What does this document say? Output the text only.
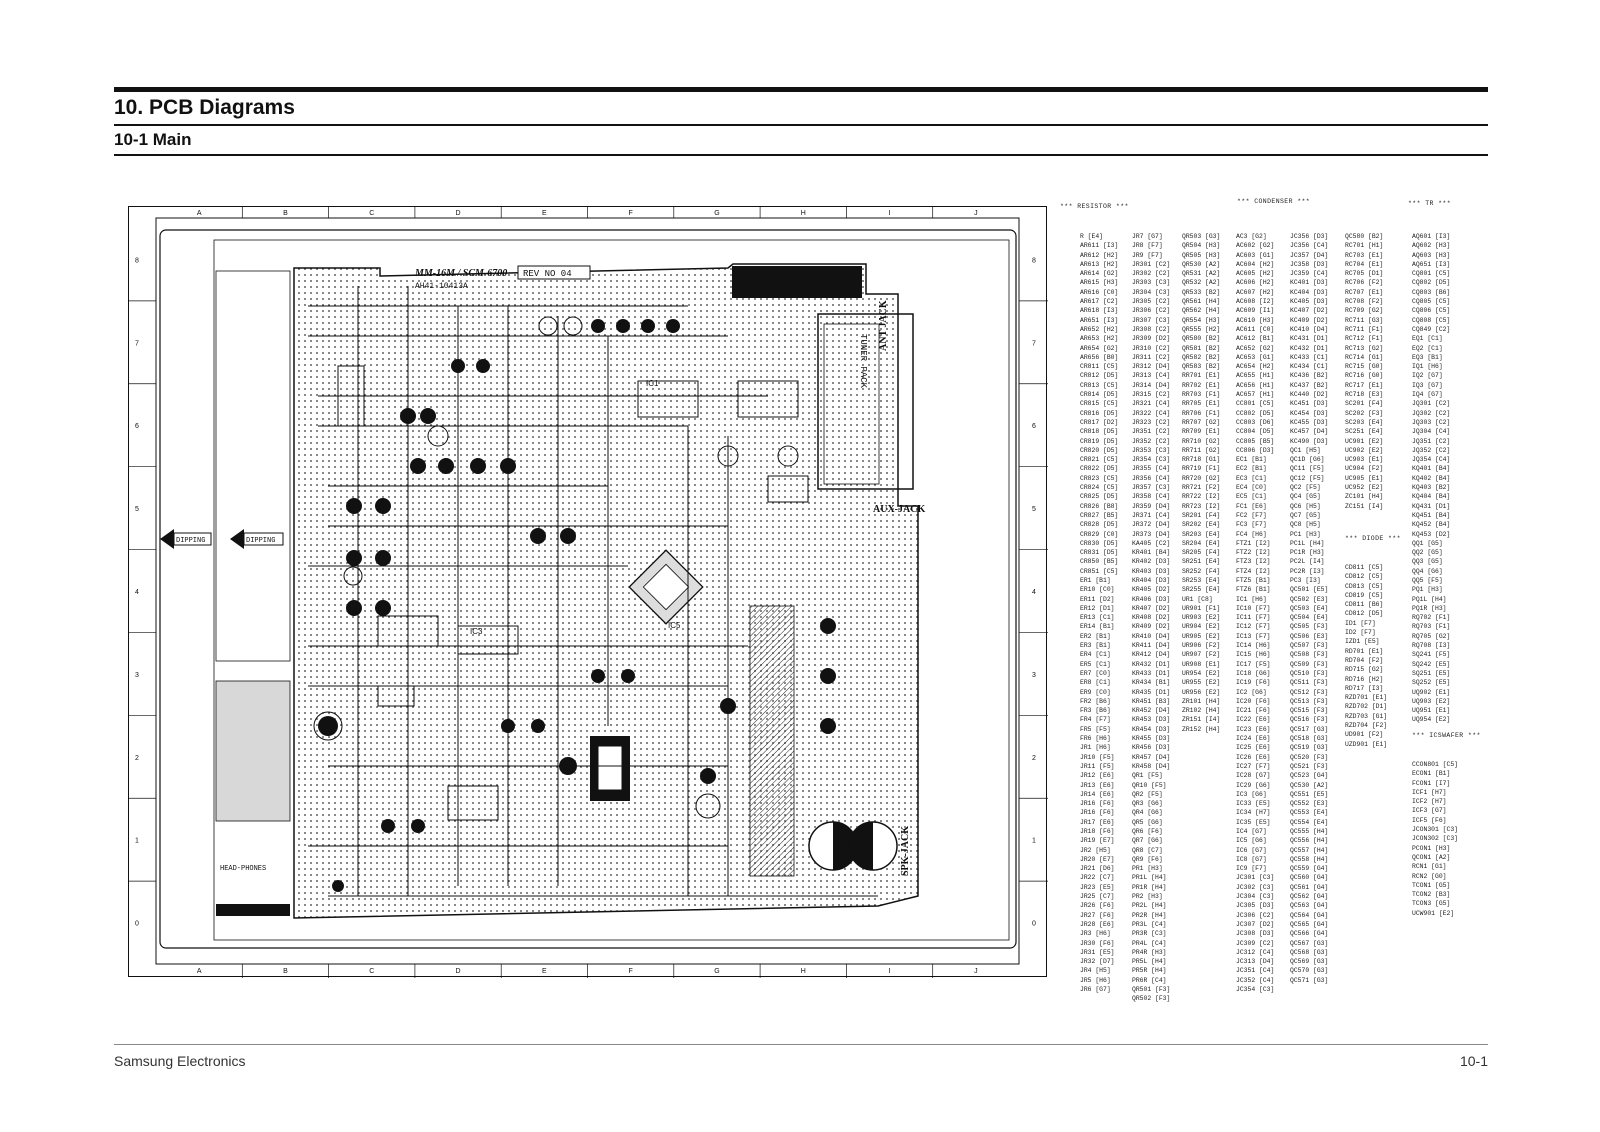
10. PCB Diagrams
10-1 Main
A	B	C	D	E	F	G	H	I	J
A	B	C	D	E	F	G	H	I	J
8
7
6
5
4
3
2
1
0
8
7
6
5
4
3
2
1
0
REV NO 04
MM-16M / SCM-6700
AH41-10413A
TUNER PACK
ANT JACK
AUX-JACK
SPK-JACK
HEAD-PHONES
IC1
IC5
IC3
DIPPING	DIPPING
*** RESISTOR ***
*** CONDENSER ***	*** TR ***
*** DIODE ***
*** ICSWAFER ***
R [E4]
AR611 [I3]
AR612 [H2]
AR613 [H2]
AR614 [G2]
AR615 [H3]
AR616 [C0]
AR617 [C2]
AR618 [I3]
AR651 [I3]
AR652 [H2]
AR653 [H2]
AR654 [G2]
AR656 [B0]
CR811 [C5]
CR812 [D5]
CR813 [C5]
CR814 [D5]
CR815 [C5]
CR816 [D5]
CR817 [D2]
CR818 [D5]
CR819 [D5]
CR820 [D5]
CR821 [C5]
CR822 [D5]
CR823 [C5]
CR824 [C5]
CR825 [D5]
CR826 [B8]
CR827 [B5]
CR828 [D5]
CR829 [C0]
CR830 [D5]
CR831 [D5]
CR850 [B5]
CR851 [C5]
ER1 [B1]
ER10 [C0]
ER11 [D2]
ER12 [D1]
ER13 [C1]
ER14 [B1]
ER2 [B1]
ER3 [B1]
ER4 [C1]
ER5 [C1]
ER7 [C0]
ER8 [C1]
ER9 [C0]
FR2 [B6]
FR3 [B6]
FR4 [F7]
FR5 [F5]
FR6 [H6]
JR1 [H6]
JR10 [F5]
JR11 [F5]
JR12 [E6]
JR13 [E6]
JR14 [E6]
JR16 [F6]
JR16 [F6]
JR17 [E6]
JR18 [F6]
JR19 [E7]
JR2 [H5]
JR20 [E7]
JR21 [D6]
JR22 [C7]
JR23 [E5]
JR25 [C7]
JR26 [F6]
JR27 [F6]
JR28 [E6]
JR3 [H6]
JR30 [F6]
JR31 [E5]
JR32 [D7]
JR4 [H5]
JR5 [H6]
JR6 [G7]
JR7 [G7]
JR8 [F7]
JR9 [F7]
JR301 [C2]
JR302 [C2]
JR303 [C3]
JR304 [C3]
JR305 [C2]
JR306 [C2]
JR307 [C3]
JR308 [C2]
JR309 [D2]
JR310 [C2]
JR311 [C2]
JR312 [D4]
JR313 [C4]
JR314 [D4]
JR315 [C2]
JR321 [C4]
JR322 [C4]
JR323 [C2]
JR351 [C2]
JR352 [C2]
JR353 [C3]
JR354 [C3]
JR355 [C4]
JR356 [C4]
JR357 [C3]
JR358 [C4]
JR359 [D4]
JR371 [C4]
JR372 [D4]
JR373 [D4]
KA405 [C2]
KR401 [B4]
KR402 [D3]
KR403 [D3]
KR404 [D3]
KR405 [D2]
KR406 [D3]
KR407 [D2]
KR408 [D2]
KR409 [D2]
KR410 [D4]
KR411 [D4]
KR412 [D4]
KR432 [D1]
KR433 [D1]
KR434 [B1]
KR435 [D1]
KR451 [B3]
KR452 [D4]
KR453 [D3]
KR454 [D3]
KR455 [D3]
KR456 [D3]
KR457 [D4]
KR458 [D4]
QR1 [F5]
QR10 [F5]
QR2 [F5]
QR3 [G6]
QR4 [G6]
QR5 [G6]
QR6 [F6]
QR7 [G6]
QR8 [C7]
QR9 [F6]
PR1 [H3]
PR1L [H4]
PR1R [H4]
PR2 [H3]
PR2L [H4]
PR2R [H4]
PR3L [C4]
PR3R [C3]
PR4L [C4]
PR4R [H3]
PR5L [H4]
PR5R [H4]
PR6R [C4]
QR501 [F3]
QR502 [F3]
QR503 [G3]
QR504 [H3]
QR505 [H3]
QR530 [A2]
QR531 [A2]
QR532 [A2]
QR533 [B2]
QR561 [H4]
QR562 [H4]
QR554 [H3]
QR555 [H2]
QR580 [B2]
QR581 [B2]
QR582 [B2]
QR583 [B2]
RR701 [E1]
RR702 [E1]
RR703 [F1]
RR705 [E1]
RR706 [F1]
RR707 [G2]
RR709 [E1]
RR710 [G2]
RR711 [G2]
RR718 [G1]
RR719 [F1]
RR720 [G2]
RR721 [F2]
RR722 [I2]
RR723 [I2]
SR201 [F4]
SR202 [E4]
SR203 [E4]
SR204 [E4]
SR205 [F4]
SR251 [E4]
SR252 [F4]
SR253 [E4]
SR255 [E4]
UR1 [C8]
UR901 [F1]
UR903 [E2]
UR904 [E2]
UR905 [E2]
UR906 [F2]
UR907 [F2]
UR908 [E1]
UR954 [E2]
UR955 [E2]
UR956 [E2]
ZR101 [H4]
ZR102 [H4]
ZR151 [I4]
ZR152 [H4]
AC3 [G2]
AC602 [G2]
AC603 [G1]
AC604 [H2]
AC605 [H2]
AC606 [H2]
AC607 [H2]
AC608 [I2]
AC609 [I1]
AC610 [H3]
AC611 [C0]
AC612 [B1]
AC652 [G2]
AC653 [G1]
AC654 [H2]
AC655 [H1]
AC656 [H1]
AC657 [H1]
CC801 [C5]
CC802 [D5]
CC803 [D6]
CC804 [D5]
CC805 [B5]
CC806 [D3]
EC1 [B1]
EC2 [B1]
EC3 [C1]
EC4 [C0]
EC5 [C1]
FC1 [E6]
FC2 [F7]
FC3 [F7]
FC4 [H6]
FTZ1 [I2]
FTZ2 [I2]
FTZ3 [I2]
FTZ4 [I2]
FTZ5 [B1]
FTZ6 [B1]
IC1 [H6]
IC10 [F7]
IC11 [F7]
IC12 [F7]
IC13 [F7]
IC14 [H6]
IC15 [H6]
IC17 [F5]
IC18 [G6]
IC19 [F6]
IC2 [G6]
IC20 [F6]
IC21 [F6]
IC22 [E6]
IC23 [E6]
IC24 [E6]
IC25 [E6]
IC26 [E6]
IC27 [F7]
IC28 [G7]
IC29 [G6]
IC3 [G6]
IC33 [E5]
IC34 [H7]
IC35 [E5]
IC4 [G7]
IC5 [G6]
IC6 [G7]
IC8 [G7]
IC9 [F7]
JC301 [C3]
JC302 [C3]
JC304 [C3]
JC305 [D3]
JC306 [C2]
JC307 [D2]
JC308 [D3]
JC309 [C2]
JC312 [C4]
JC313 [D4]
JC351 [C4]
JC352 [C4]
JC354 [C3]
JC356 [D3]
JC356 [C4]
JC357 [D4]
JC358 [D3]
JC359 [C4]
KC401 [D3]
KC404 [D3]
KC405 [D3]
KC407 [D2]
KC409 [D2]
KC410 [D4]
KC431 [D1]
KC432 [D1]
KC433 [C1]
KC434 [C1]
KC436 [B2]
KC437 [B2]
KC440 [D2]
KC451 [D3]
KC454 [D3]
KC455 [D3]
KC457 [D4]
KC490 [D3]
QC1 [H5]
QC1D [G6]
QC11 [F5]
QC12 [F5]
QC2 [F5]
QC4 [G5]
QC6 [H5]
QC7 [G5]
QC8 [H5]
PC1 [H3]
PC1L [H4]
PC1R [H3]
PC2L [I4]
PC2R [I3]
PC3 [I3]
QC501 [E5]
QC502 [E3]
QC503 [E4]
QC504 [E4]
QC505 [F3]
QC506 [E3]
QC507 [F3]
QC508 [F3]
QC509 [F3]
QC510 [F3]
QC511 [F3]
QC512 [F3]
QC513 [F3]
QC515 [F3]
QC516 [F3]
QC517 [G3]
QC518 [G3]
QC519 [G3]
QC520 [F3]
QC521 [F3]
QC523 [G4]
QC530 [A2]
QC551 [E5]
QC552 [E3]
QC553 [E4]
QC554 [E4]
QC555 [H4]
QC556 [H4]
QC557 [H4]
QC558 [H4]
QC559 [G4]
QC560 [G4]
QC561 [G4]
QC562 [G4]
QC563 [G4]
QC564 [G4]
QC565 [G4]
QC566 [G4]
QC567 [G3]
QC568 [G3]
QC569 [G3]
QC570 [G3]
QC571 [G3]
QC580 [B2]
RC701 [H1]
RC703 [E1]
RC704 [E1]
RC705 [D1]
RC706 [F2]
RC707 [E1]
RC708 [F2]
RC709 [G2]
RC711 [G3]
RC711 [F1]
RC712 [F1]
RC713 [G2]
RC714 [G1]
RC715 [G0]
RC716 [G0]
RC717 [E1]
RC718 [E3]
SC201 [F4]
SC202 [F3]
SC203 [E4]
SC251 [E4]
UC901 [E2]
UC902 [E2]
UC903 [E1]
UC904 [F2]
UC905 [E1]
UC952 [E2]
ZC101 [H4]
ZC151 [I4]
CD811 [C5]
CD812 [C5]
CD813 [C5]
CD819 [C5]
CD811 [B6]
CD812 [D5]
ID1 [F7]
ID2 [F7]
IZD1 [E5]
RD701 [E1]
RD704 [F2]
RD715 [G2]
RD716 [H2]
RD717 [I3]
RZD701 [E1]
RZD702 [D1]
RZD703 [G1]
RZD704 [F2]
UD901 [F2]
UZD901 [E1]
AQ601 [I3]
AQ602 [H3]
AQ603 [H3]
AQ651 [I3]
CQ801 [C5]
CQ802 [D5]
CQ803 [B6]
CQ805 [C5]
CQ806 [C5]
CQ808 [C5]
CQ849 [C2]
EQ1 [C1]
EQ2 [C1]
EQ3 [B1]
IQ1 [H6]
IQ2 [G7]
IQ3 [G7]
IQ4 [G7]
JQ301 [C2]
JQ302 [C2]
JQ303 [C2]
JQ304 [C4]
JQ351 [C2]
JQ352 [C2]
JQ354 [C4]
KQ401 [B4]
KQ402 [B4]
KQ403 [B2]
KQ404 [B4]
KQ431 [D1]
KQ451 [B4]
KQ452 [B4]
KQ453 [D2]
QQ1 [G5]
QQ2 [G5]
QQ3 [G5]
QQ4 [G6]
QQ5 [F5]
PQ1 [H3]
PQ1L [H4]
PQ1R [H3]
RQ702 [F1]
RQ703 [F1]
RQ705 [G2]
RQ708 [I3]
SQ241 [F5]
SQ242 [E5]
SQ251 [E5]
SQ252 [E5]
UQ902 [E1]
UQ903 [E2]
UQ951 [E1]
UQ954 [E2]
CCON801 [C5]
ECON1 [B1]
FCON1 [I7]
ICF1 [H7]
ICF2 [H7]
ICF3 [G7]
ICF5 [F6]
JCON301 [C3]
JCON302 [C3]
PCON1 [H3]
QCON1 [A2]
RCN1 [G1]
RCN2 [G0]
TCON1 [G5]
TCON2 [B3]
TCON3 [G5]
UCW901 [E2]
Samsung Electronics	10-1
